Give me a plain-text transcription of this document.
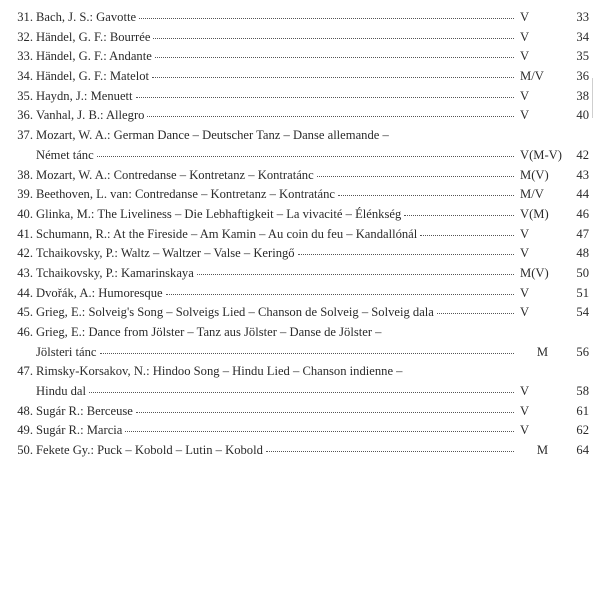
31. Bach, J. S.: Gavotte	V	33
32. Händel, G. F.: Bourrée	V	34
33. Händel, G. F.: Andante	V	35
34. Händel, G. F.: Matelot	M/V	36
35. Haydn, J.: Menuett	V	38
36. Vanhal, J. B.: Allegro	V	40
37. Mozart, W. A.: German Dance – Deutscher Tanz – Danse allemande –
Német tánc	V(M-V)	42
38. Mozart, W. A.: Contredanse – Kontretanz – Kontratánc	M(V)	43
39. Beethoven, L. van: Contredanse – Kontretanz – Kontratánc	M/V	44
40. Glinka, M.: The Liveliness – Die Lebhaftigkeit – La vivacité – Élénkség	V(M)	46
41. Schumann, R.: At the Fireside – Am Kamin – Au coin du feu – Kandallónál	V	47
42. Tchaikovsky, P.: Waltz – Waltzer – Valse – Keringő	V	48
43. Tchaikovsky, P.: Kamarinskaya	M(V)	50
44. Dvořák, A.: Humoresque	V	51
45. Grieg, E.: Solveig's Song – Solveigs Lied – Chanson de Solveig – Solveig dala	V	54
46. Grieg, E.: Dance from Jölster – Tanz aus Jölster – Danse de Jölster –
Jölsteri tánc	M	56
47. Rimsky-Korsakov, N.: Hindoo Song – Hindu Lied – Chanson indienne –
Hindu dal	V	58
48. Sugár R.: Berceuse	V	61
49. Sugár R.: Marcia	V	62
50. Fekete Gy.: Puck – Kobold – Lutin – Kobold	M	64
